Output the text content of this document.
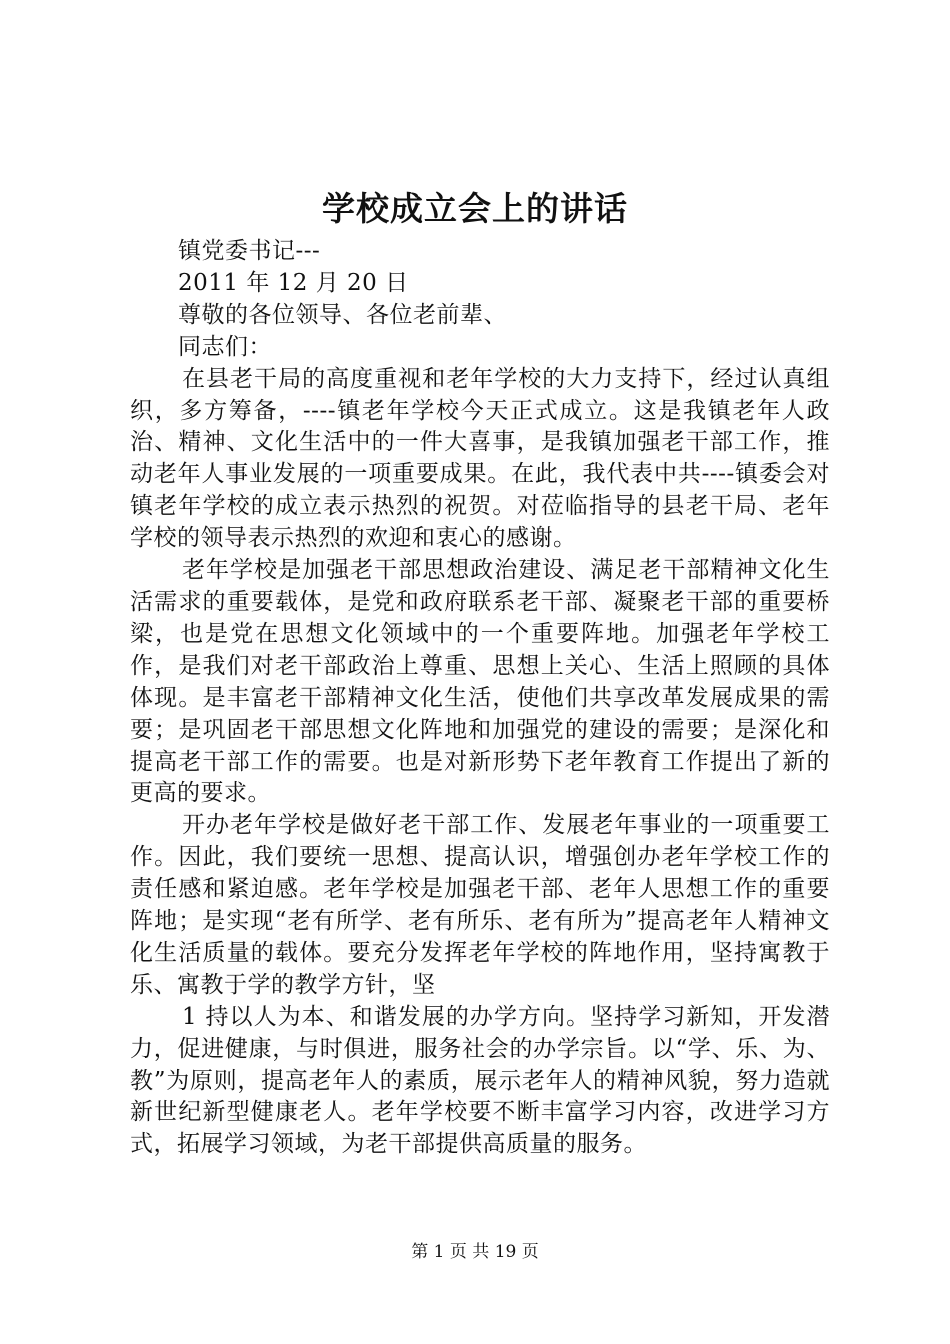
学校成立会上的讲话

镇党委书记---

2011 年 12 月 20 日

尊敬的各位领导、各位老前辈、

同志们：

在县老干局的高度重视和老年学校的大力支持下，经过认真组织，多方筹备，----镇老年学校今天正式成立。这是我镇老年人政治、精神、文化生活中的一件大喜事，是我镇加强老干部工作，推动老年人事业发展的一项重要成果。在此，我代表中共----镇委会对镇老年学校的成立表示热烈的祝贺。对莅临指导的县老干局、老年学校的领导表示热烈的欢迎和衷心的感谢。

老年学校是加强老干部思想政治建设、满足老干部精神文化生活需求的重要载体，是党和政府联系老干部、凝聚老干部的重要桥梁，也是党在思想文化领域中的一个重要阵地。加强老年学校工作，是我们对老干部政治上尊重、思想上关心、生活上照顾的具体体现。是丰富老干部精神文化生活，使他们共享改革发展成果的需要；是巩固老干部思想文化阵地和加强党的建设的需要；是深化和提高老干部工作的需要。也是对新形势下老年教育工作提出了新的更高的要求。

开办老年学校是做好老干部工作、发展老年事业的一项重要工作。因此，我们要统一思想、提高认识，增强创办老年学校工作的责任感和紧迫感。老年学校是加强老干部、老年人思想工作的重要阵地；是实现“老有所学、老有所乐、老有所为”提高老年人精神文化生活质量的载体。要充分发挥老年学校的阵地作用，坚持寓教于乐、寓教于学的教学方针，坚

1 持以人为本、和谐发展的办学方向。坚持学习新知，开发潜力，促进健康，与时俱进，服务社会的办学宗旨。以“学、乐、为、教”为原则，提高老年人的素质，展示老年人的精神风貌，努力造就新世纪新型健康老人。老年学校要不断丰富学习内容，改进学习方式，拓展学习领域，为老干部提供高质量的服务。

第 1 页 共 19 页
